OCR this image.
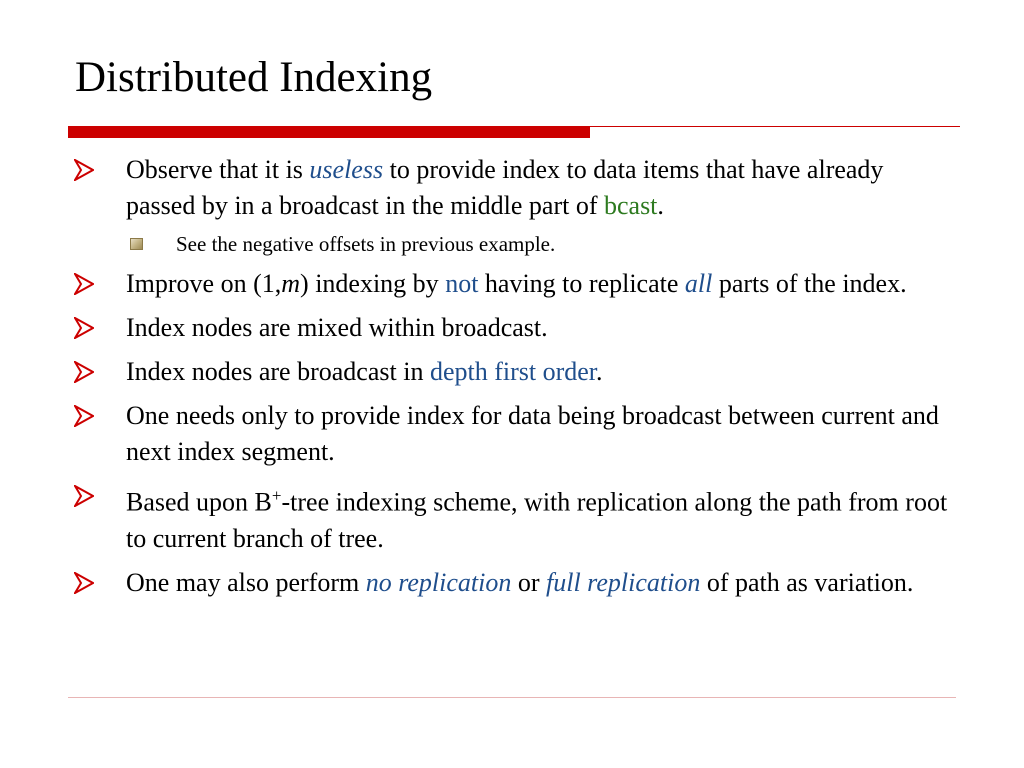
Distributed Indexing
Observe that it is useless to provide index to data items that have already passed by in a broadcast in the middle part of bcast.
See the negative offsets in previous example.
Improve on (1,m) indexing by not having to replicate all parts of the index.
Index nodes are mixed within broadcast.
Index nodes are broadcast in depth first order.
One needs only to provide index for data being broadcast between current and next index segment.
Based upon B+-tree indexing scheme, with replication along the path from root to current branch of tree.
One may also perform no replication or full replication of path as variation.
